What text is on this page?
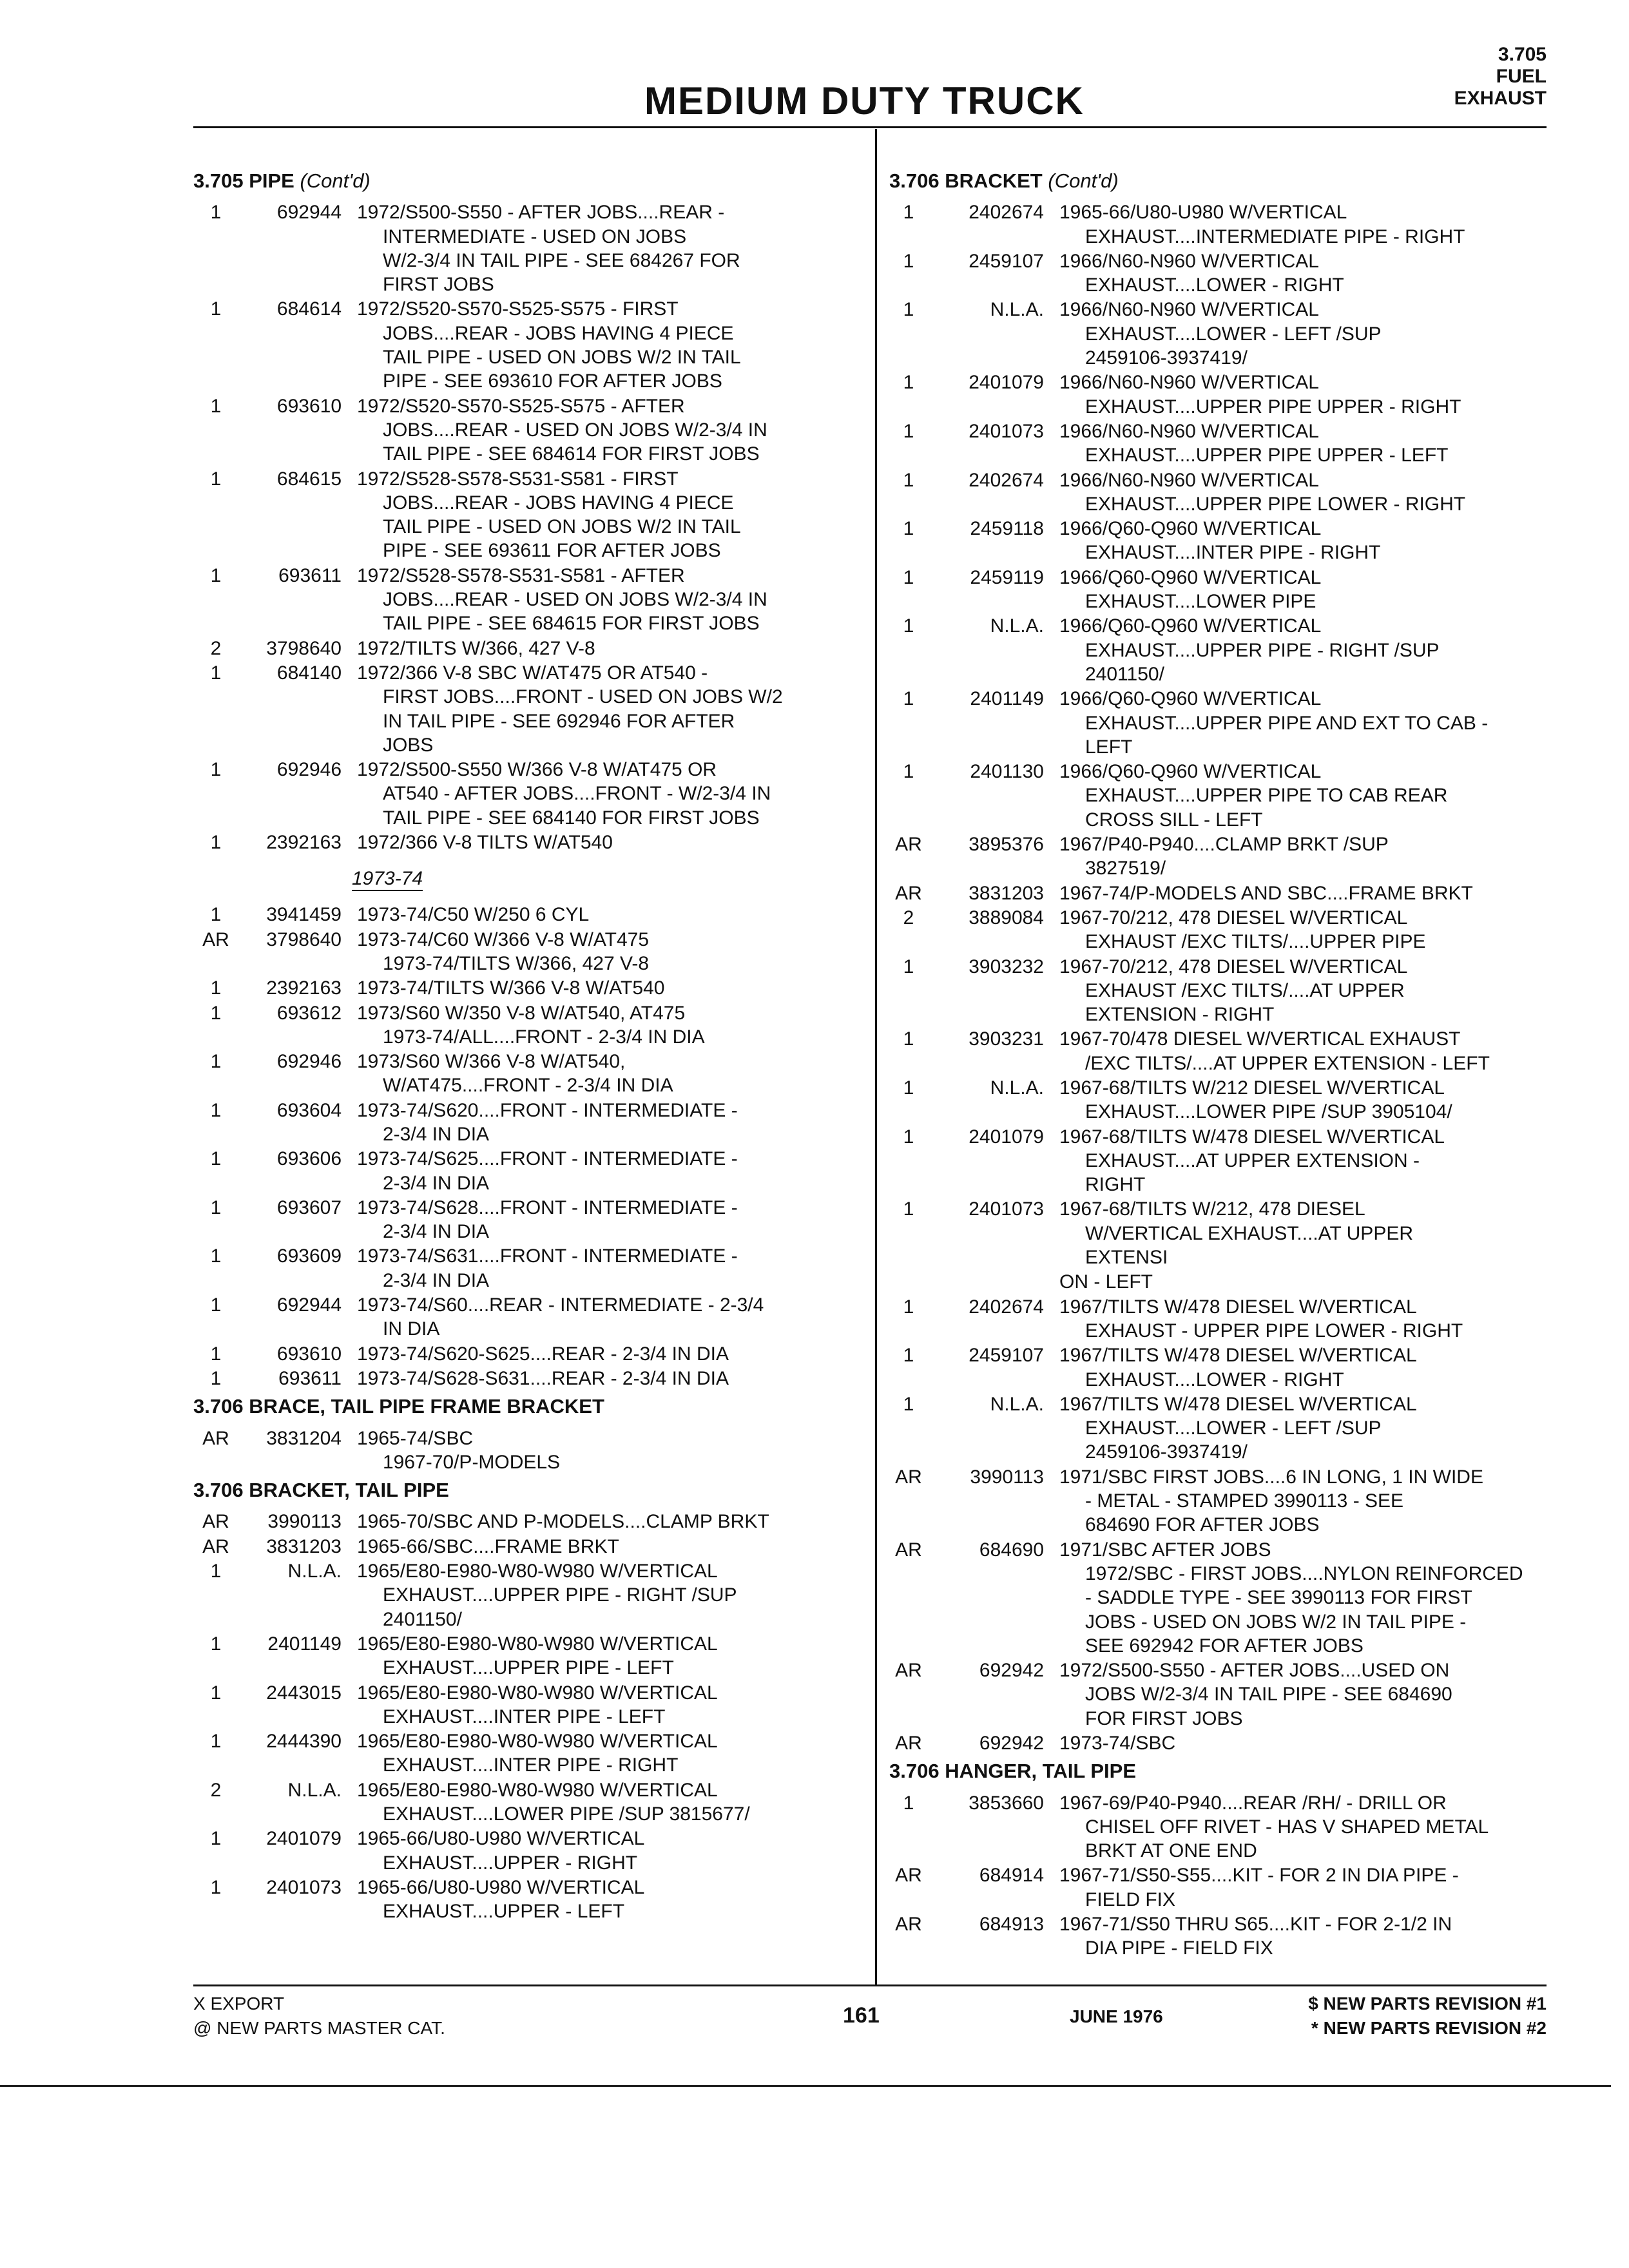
MEDIUM DUTY TRUCK
3.705
FUEL
EXHAUST
3.705 PIPE (Cont'd)
1	692944 1972/S500-S550 - AFTER JOBS....REAR -
INTERMEDIATE - USED ON JOBS
W/2-3/4 IN TAIL PIPE - SEE 684267 FOR
FIRST JOBS
1	684614 1972/S520-S570-S525-S575 - FIRST
JOBS....REAR - JOBS HAVING 4 PIECE
TAIL PIPE - USED ON JOBS W/2 IN TAIL
PIPE - SEE 693610 FOR AFTER JOBS
1	693610 1972/S520-S570-S525-S575 - AFTER
JOBS....REAR - USED ON JOBS W/2-3/4 IN
TAIL PIPE - SEE 684614 FOR FIRST JOBS
1	684615 1972/S528-S578-S531-S581 - FIRST
JOBS....REAR - JOBS HAVING 4 PIECE
TAIL PIPE - USED ON JOBS W/2 IN TAIL
PIPE - SEE 693611 FOR AFTER JOBS
1	693611 1972/S528-S578-S531-S581 - AFTER
JOBS....REAR - USED ON JOBS W/2-3/4 IN
TAIL PIPE - SEE 684615 FOR FIRST JOBS
2	3798640 1972/TILTS W/366, 427 V-8
1	684140 1972/366 V-8 SBC W/AT475 OR AT540 -
FIRST JOBS....FRONT - USED ON JOBS W/2
IN TAIL PIPE - SEE 692946 FOR AFTER
JOBS
1	692946 1972/S500-S550 W/366 V-8 W/AT475 OR
AT540 - AFTER JOBS....FRONT - W/2-3/4 IN
TAIL PIPE - SEE 684140 FOR FIRST JOBS
1	2392163 1972/366 V-8 TILTS W/AT540
1973-74
1	3941459 1973-74/C50 W/250 6 CYL
AR	3798640 1973-74/C60 W/366 V-8 W/AT475
1973-74/TILTS W/366, 427 V-8
1	2392163 1973-74/TILTS W/366 V-8 W/AT540
1	693612 1973/S60 W/350 V-8 W/AT540, AT475
1973-74/ALL....FRONT - 2-3/4 IN DIA
1	692946 1973/S60 W/366 V-8 W/AT540,
W/AT475....FRONT - 2-3/4 IN DIA
1	693604 1973-74/S620....FRONT - INTERMEDIATE -
2-3/4 IN DIA
1	693606 1973-74/S625....FRONT - INTERMEDIATE -
2-3/4 IN DIA
1	693607 1973-74/S628....FRONT - INTERMEDIATE -
2-3/4 IN DIA
1	693609 1973-74/S631....FRONT - INTERMEDIATE -
2-3/4 IN DIA
1	692944 1973-74/S60....REAR - INTERMEDIATE - 2-3/4
IN DIA
1	693610 1973-74/S620-S625....REAR - 2-3/4 IN DIA
1	693611 1973-74/S628-S631....REAR - 2-3/4 IN DIA
3.706 BRACE, TAIL PIPE FRAME BRACKET
AR	3831204 1965-74/SBC
1967-70/P-MODELS
3.706 BRACKET, TAIL PIPE
AR	3990113 1965-70/SBC AND P-MODELS....CLAMP BRKT
AR	3831203 1965-66/SBC....FRAME BRKT
1	N.L.A. 1965/E80-E980-W80-W980 W/VERTICAL
EXHAUST....UPPER PIPE - RIGHT /SUP
2401150/
1	2401149 1965/E80-E980-W80-W980 W/VERTICAL
EXHAUST....UPPER PIPE - LEFT
1	2443015 1965/E80-E980-W80-W980 W/VERTICAL
EXHAUST....INTER PIPE - LEFT
1	2444390 1965/E80-E980-W80-W980 W/VERTICAL
EXHAUST....INTER PIPE - RIGHT
2	N.L.A. 1965/E80-E980-W80-W980 W/VERTICAL
EXHAUST....LOWER PIPE /SUP 3815677/
1	2401079 1965-66/U80-U980 W/VERTICAL
EXHAUST....UPPER - RIGHT
1	2401073 1965-66/U80-U980 W/VERTICAL
EXHAUST....UPPER - LEFT
3.706 BRACKET (Cont'd)
1	2402674 1965-66/U80-U980 W/VERTICAL
EXHAUST....INTERMEDIATE PIPE - RIGHT
1	2459107 1966/N60-N960 W/VERTICAL
EXHAUST....LOWER - RIGHT
1	N.L.A. 1966/N60-N960 W/VERTICAL
EXHAUST....LOWER - LEFT /SUP
2459106-3937419/
1	2401079 1966/N60-N960 W/VERTICAL
EXHAUST....UPPER PIPE UPPER - RIGHT
1	2401073 1966/N60-N960 W/VERTICAL
EXHAUST....UPPER PIPE UPPER - LEFT
1	2402674 1966/N60-N960 W/VERTICAL
EXHAUST....UPPER PIPE LOWER - RIGHT
1	2459118 1966/Q60-Q960 W/VERTICAL
EXHAUST....INTER PIPE - RIGHT
1	2459119 1966/Q60-Q960 W/VERTICAL
EXHAUST....LOWER PIPE
1	N.L.A. 1966/Q60-Q960 W/VERTICAL
EXHAUST....UPPER PIPE - RIGHT /SUP
2401150/
1	2401149 1966/Q60-Q960 W/VERTICAL
EXHAUST....UPPER PIPE AND EXT TO CAB -
LEFT
1	2401130 1966/Q60-Q960 W/VERTICAL
EXHAUST....UPPER PIPE TO CAB REAR
CROSS SILL - LEFT
AR	3895376 1967/P40-P940....CLAMP BRKT /SUP
3827519/
AR	3831203 1967-74/P-MODELS AND SBC....FRAME BRKT
2	3889084 1967-70/212, 478 DIESEL W/VERTICAL
EXHAUST /EXC TILTS/....UPPER PIPE
1	3903232 1967-70/212, 478 DIESEL W/VERTICAL
EXHAUST /EXC TILTS/....AT UPPER
EXTENSION - RIGHT
1	3903231 1967-70/478 DIESEL W/VERTICAL EXHAUST
/EXC TILTS/....AT UPPER EXTENSION - LEFT
1	N.L.A. 1967-68/TILTS W/212 DIESEL W/VERTICAL
EXHAUST....LOWER PIPE /SUP 3905104/
1	2401079 1967-68/TILTS W/478 DIESEL W/VERTICAL
EXHAUST....AT UPPER EXTENSION -
RIGHT
1	2401073 1967-68/TILTS W/212, 478 DIESEL
W/VERTICAL EXHAUST....AT UPPER
EXTENSI
ON - LEFT
1	2402674 1967/TILTS W/478 DIESEL W/VERTICAL
EXHAUST - UPPER PIPE LOWER - RIGHT
1	2459107 1967/TILTS W/478 DIESEL W/VERTICAL
EXHAUST....LOWER - RIGHT
1	N.L.A. 1967/TILTS W/478 DIESEL W/VERTICAL
EXHAUST....LOWER - LEFT /SUP
2459106-3937419/
AR	3990113 1971/SBC FIRST JOBS....6 IN LONG, 1 IN WIDE
- METAL - STAMPED 3990113 - SEE
684690 FOR AFTER JOBS
AR	684690 1971/SBC AFTER JOBS
1972/SBC - FIRST JOBS....NYLON REINFORCED
- SADDLE TYPE - SEE 3990113 FOR FIRST
JOBS - USED ON JOBS W/2 IN TAIL PIPE -
SEE 692942 FOR AFTER JOBS
AR	692942 1972/S500-S550 - AFTER JOBS....USED ON
JOBS W/2-3/4 IN TAIL PIPE - SEE 684690
FOR FIRST JOBS
AR	692942 1973-74/SBC
3.706 HANGER, TAIL PIPE
1	3853660 1967-69/P40-P940....REAR /RH/ - DRILL OR
CHISEL OFF RIVET - HAS V SHAPED METAL
BRKT AT ONE END
AR	684914 1967-71/S50-S55....KIT - FOR 2 IN DIA PIPE -
FIELD FIX
AR	684913 1967-71/S50 THRU S65....KIT - FOR 2-1/2 IN
DIA PIPE - FIELD FIX
X EXPORT
@ NEW PARTS MASTER CAT.
161	JUNE 1976
$ NEW PARTS REVISION #1
* NEW PARTS REVISION #2
